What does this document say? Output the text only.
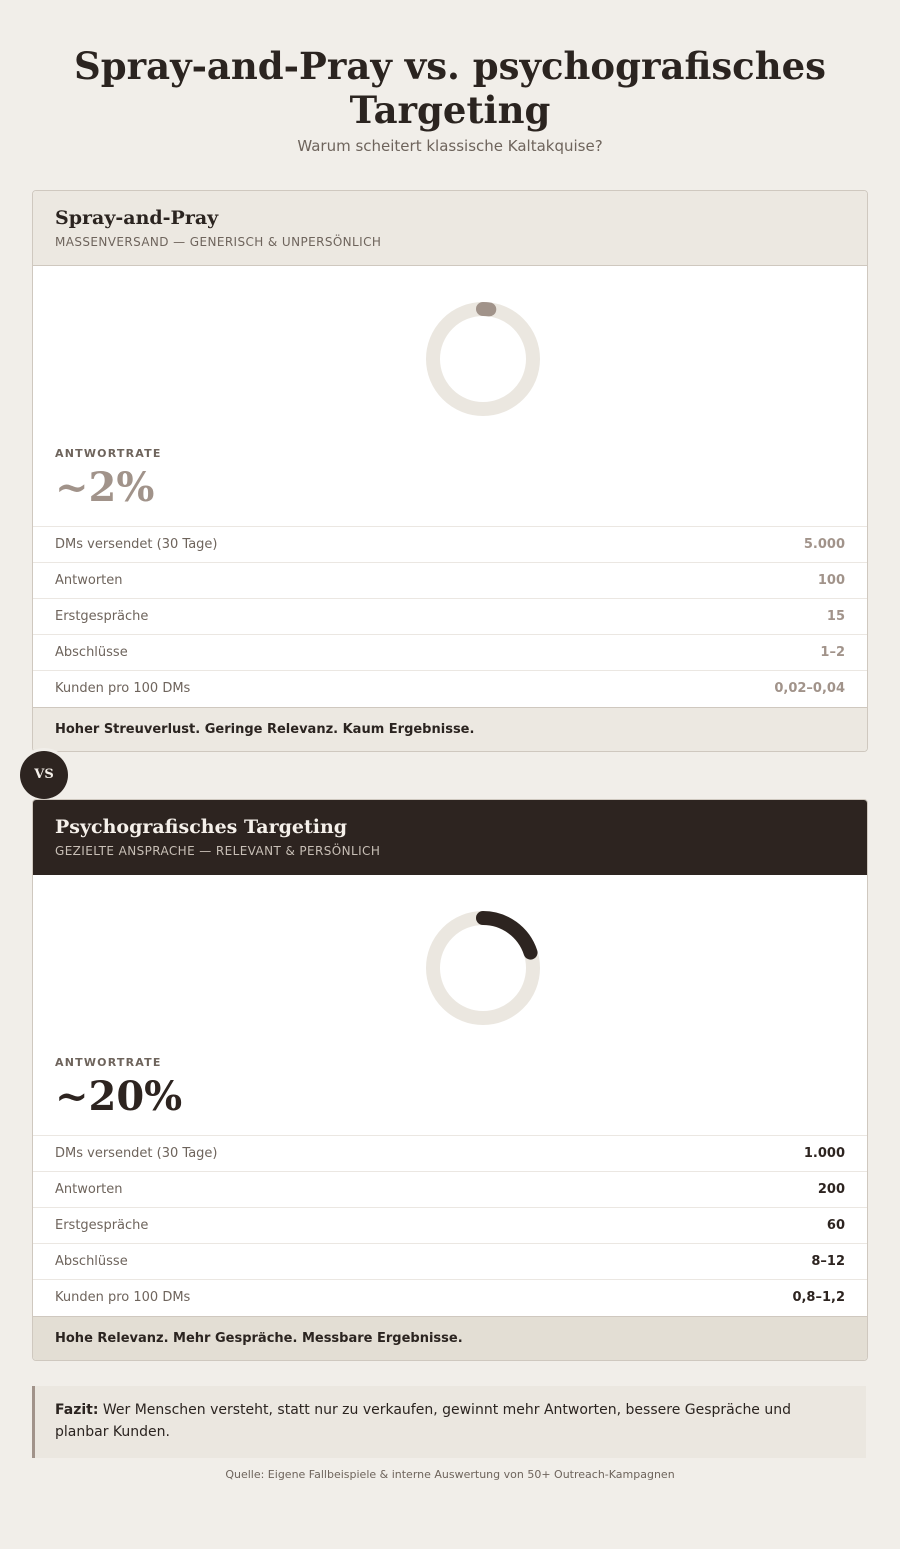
Spray-and-Pray vs. psychografisches Targeting
Warum scheitert klassische Kaltakquise?
Spray-and-Pray
MASSENVERSAND — GENERISCH & UNPERSÖNLICH
ANTWORTRATE
~2%
DMs versendet (30 Tage)	5.000
Antworten	100
Erstgespräche	15
Abschlüsse	1–2
Kunden pro 100 DMs	0,02–0,04
Hoher Streuverlust. Geringe Relevanz. Kaum Ergebnisse.
VS
Psychografisches Targeting
GEZIELTE ANSPRACHE — RELEVANT & PERSÖNLICH
ANTWORTRATE
~20%
DMs versendet (30 Tage)	1.000
Antworten	200
Erstgespräche	60
Abschlüsse	8–12
Kunden pro 100 DMs	0,8–1,2
Hohe Relevanz. Mehr Gespräche. Messbare Ergebnisse.
Fazit: Wer Menschen versteht, statt nur zu verkaufen, gewinnt mehr Antworten, bessere Gespräche und planbar Kunden.
Quelle: Eigene Fallbeispiele & interne Auswertung von 50+ Outreach-Kampagnen
